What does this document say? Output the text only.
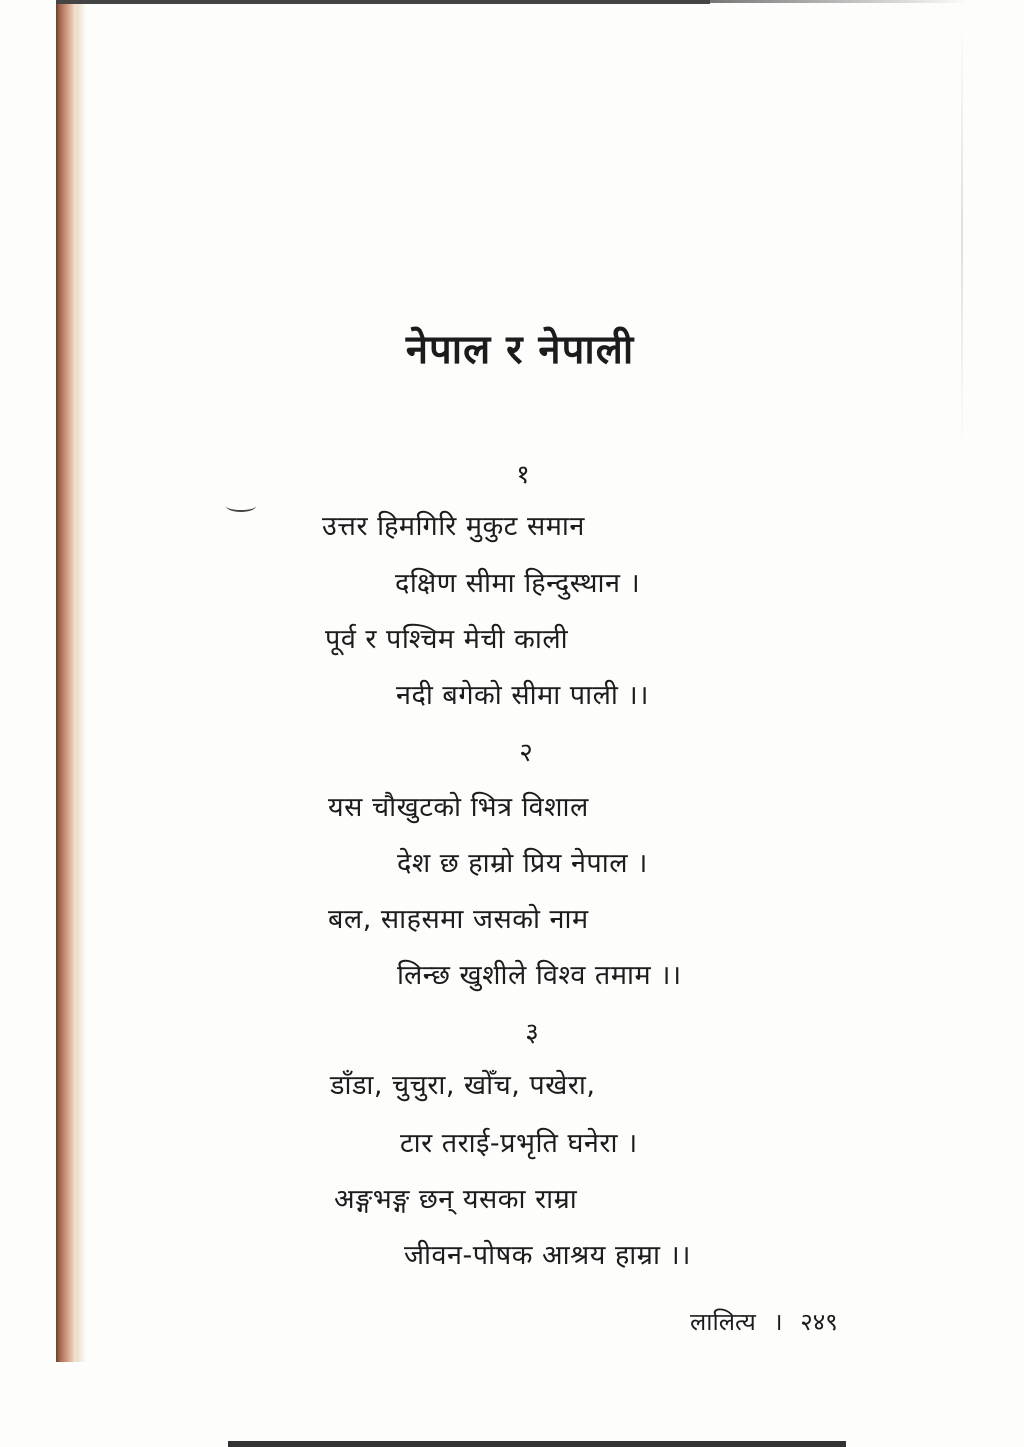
नेपाल र नेपाली

१

उत्तर हिमगिरि मुकुट समान

दक्षिण सीमा हिन्दुस्थान ।

पूर्व र पश्चिम मेची काली

नदी बगेको सीमा पाली ।।

२

यस चौखुटको भित्र विशाल

देश छ हाम्रो प्रिय नेपाल ।

बल, साहसमा जसको नाम

लिन्छ खुशीले विश्व तमाम ।।

३

डाँडा, चुचुरा, खोँच, पखेरा,

टार तराई-प्रभृति घनेरा ।

अङ्गभङ्ग छन् यसका राम्रा

जीवन-पोषक आश्रय हाम्रा ।।

लालित्य । २४९
